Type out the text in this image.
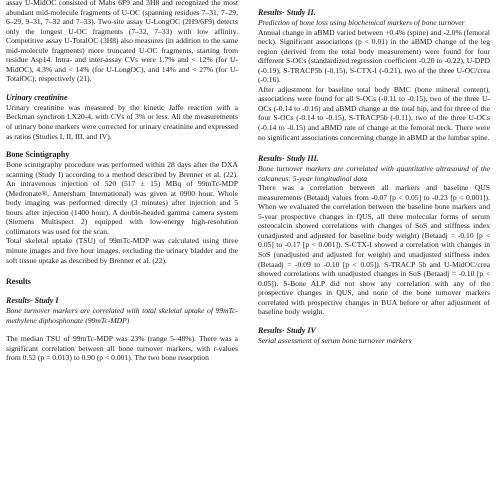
assay U-MidOC consisted of Mabs 6F9 and 3H8 and recognized the most abundant mid-molecule fragments of U-OC (spanning residues 7–31, 7–29, 6–29, 9–31, 7–32 and 7–33). Two-site assay U-LongOC (2H9/6F9) detects only the longest U-OC fragments (7–32, 7–33) with low affinity. Competitive assay U-TotalOC (3H8) also measures (in addition to the same mid-molecule fragments) more truncated U-OC fragments, starting from residue Asp14. Intra- and inter-assay CVs were 1.7% and < 12% (for U-MidOC), 4.3% and < 14% (for U-LongOC), and 14% and < 27% (for U-TotalOC), respectively (21).

Urinary creatinine

Urinary creatinine was measured by the kinetic Jaffe reaction with a Beckman synchron LX20-4, with CVs of 3% or less. All the measurements of urinary bone markers were corrected for urinary creatinine and expressed as ratios (Studies I, II, III, and IV).

Bone Scintigraphy

Bone scintigraphy procedure was performed within 28 days after the DXA scanning (Study I) according to a method described by Brenner et al. (22). An intravenous injection of 520 (517 ± 15) MBq of 99mTc-MDP (Medronate®, Amersham International) was given at 0900 hour. Whole body imaging was performed directly (3 minutes) after injection and 5 hours after injection (1400 hour). A double-headed gamma camera system (Siemens Multispect 2) equipped with low-energy high-resolution collimators was used for the scan.

Total skeletal uptake (TSU) of 99mTc-MDP was calculated using three minute images and five hour images, excluding the urinary bladder and the soft tissue uptake as described by Brenner et al. (22).

Results

Results- Study I

Bone turnover markers are correlated with total skeletal uptake of 99mTc-methylene diphosphonate (99mTc-MDP)

The median TSU of 99mTc-MDP was 23% (range 5–48%). There was a significant correlation between all bone turnover markers, with r-values from 0.52 (p = 0.013) to 0.90 (p < 0.001). The two bone resorption

Results- Study II.

Prediction of bone loss using biochemical markers of bone turnover

Annual change in aBMD varied between +0.4% (spine) and -2.0% (femoral neck). Significant associations (p < 0.01) in the aBMD change of the leg region (derived from the total body measurement) were found for four different S-OCs (standardized regression coefficient -0.20 to -0.22), U-DPD (-0.19), S-TRACP5b (-0.15), S-CTX-I (-0.21), two of the three U-OC/crea (-0.16).

After adjustment for baseline total body BMC (bone mineral content), associations were found for all S-OCs (-0.11 to -0.15), two of the three U-OCs (-0.14 to -0.16) and aBMD change at the total hip, and for three of the four S-OCs (-0.14 to -0.15), S-TRACP5b (-0.11), two of the three U-OCs (-0.14 to -0.15) and aBMD rate of change at the femoral neck. There were no significant associations concerning change in aBMD at the lumbar spine.

Results- Study III.

Bone turnover markers are correlated with quantitative ultrasound of the calcaneus: 5-year longitudinal data

There was a correlation between all markers and baseline QUS measurements (Betaadj values from -0.07 [p < 0.05] to -0.23 [p < 0.001]). When we evaluated the correlation between the baseline bone markers and 5-year prospective changes in QUS, all three molecular forms of serum osteocalcin showed correlations with changes of SoS and stiffness index (unadjusted and adjusted for baseline body weight) (Betaadj = -0.10 [p < 0.05] to -0.17 [p < 0.001]). S-CTX-I showed a correlation with changes in SoS (unadjusted and adjusted for weight) and unadjusted stiffness index (Betaadj = -0.09 to -0.10 [p < 0.05]). S-TRACP 5b and U-MidOC/crea showed correlations with unadjusted changes in SoS (Betaadj = -0.10 [p < 0.05]). S-Bone ALP did not show any correlation with any of the prospective changes in QUS, and none of the bone turnover markers correlated with prospective changes in BUA before or after adjustment of baseline body weight.

Results- Study IV

Serial assessment of serum bone turnover markers
